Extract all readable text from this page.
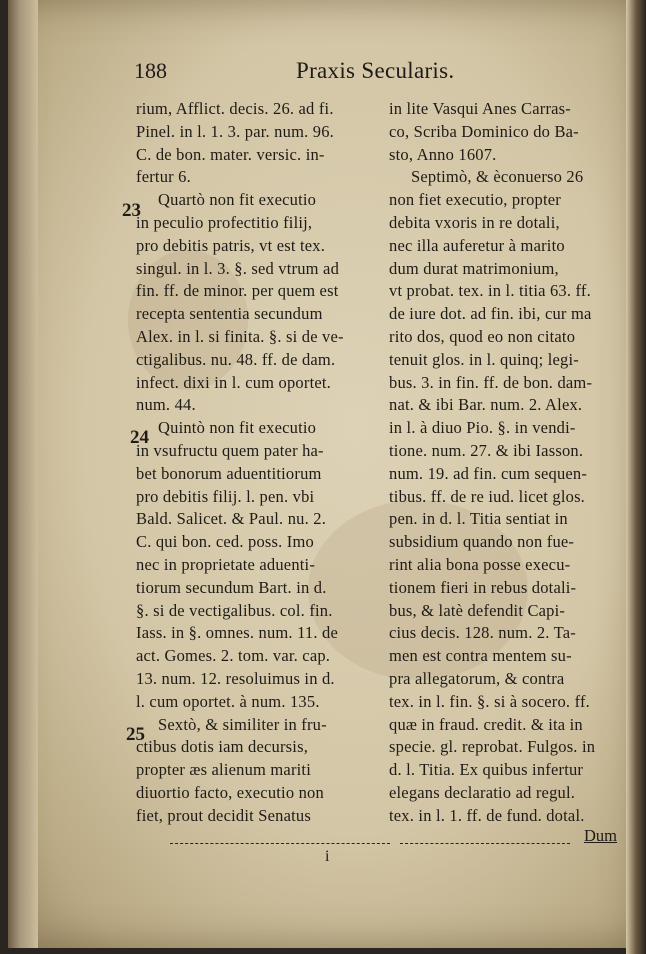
188	Praxis Secularis.
23
24
25
rium, Afflict. decis. 26. ad fi.
Pinel. in l. 1. 3. par. num. 96.
C. de bon. mater. versic. in-
fertur 6.
Quartò non fit executio
in peculio profectitio filij,
pro debitis patris, vt est tex.
singul. in l. 3. §. sed vtrum ad
fin. ff. de minor. per quem est
recepta sententia secundum
Alex. in l. si finita. §. si de ve-
ctigalibus. nu. 48. ff. de dam.
infect. dixi in l. cum oportet.
num. 44.
Quintò non fit executio
in vsufructu quem pater ha-
bet bonorum aduentitiorum
pro debitis filij. l. pen. vbi
Bald. Salicet. & Paul. nu. 2.
C. qui bon. ced. poss. Imo
nec in proprietate aduenti-
tiorum secundum Bart. in d.
§. si de vectigalibus. col. fin.
Iass. in §. omnes. num. 11. de
act. Gomes. 2. tom. var. cap.
13. num. 12. resoluimus in d.
l. cum oportet. à num. 135.
Sextò, & similiter in fru-
ctibus dotis iam decursis,
propter æs alienum mariti
diuortio facto, executio non
fiet, prout decidit Senatus
in lite Vasqui Anes Carras-
co, Scriba Dominico do Ba-
sto, Anno 1607.
Septimò, & èconuerso 26
non fiet executio, propter
debita vxoris in re dotali,
nec illa auferetur à marito
dum durat matrimonium,
vt probat. tex. in l. titia 63. ff.
de iure dot. ad fin. ibi, cur ma
rito dos, quod eo non citato
tenuit glos. in l. quinq; legi-
bus. 3. in fin. ff. de bon. dam-
nat. & ibi Bar. num. 2. Alex.
in l. à diuo Pio. §. in vendi-
tione. num. 27. & ibi Iasson.
num. 19. ad fin. cum sequen-
tibus. ff. de re iud. licet glos.
pen. in d. l. Titia sentiat in
subsidium quando non fue-
rint alia bona posse execu-
tionem fieri in rebus dotali-
bus, & latè defendit Capi-
cius decis. 128. num. 2. Ta-
men est contra mentem su-
pra allegatorum, & contra
tex. in l. fin. §. si à socero. ff.
quæ in fraud. credit. & ita in
specie. gl. reprobat. Fulgos. in
d. l. Titia. Ex quibus infertur
elegans declaratio ad regul.
tex. in l. 1. ff. de fund. dotal.
Dum
i
